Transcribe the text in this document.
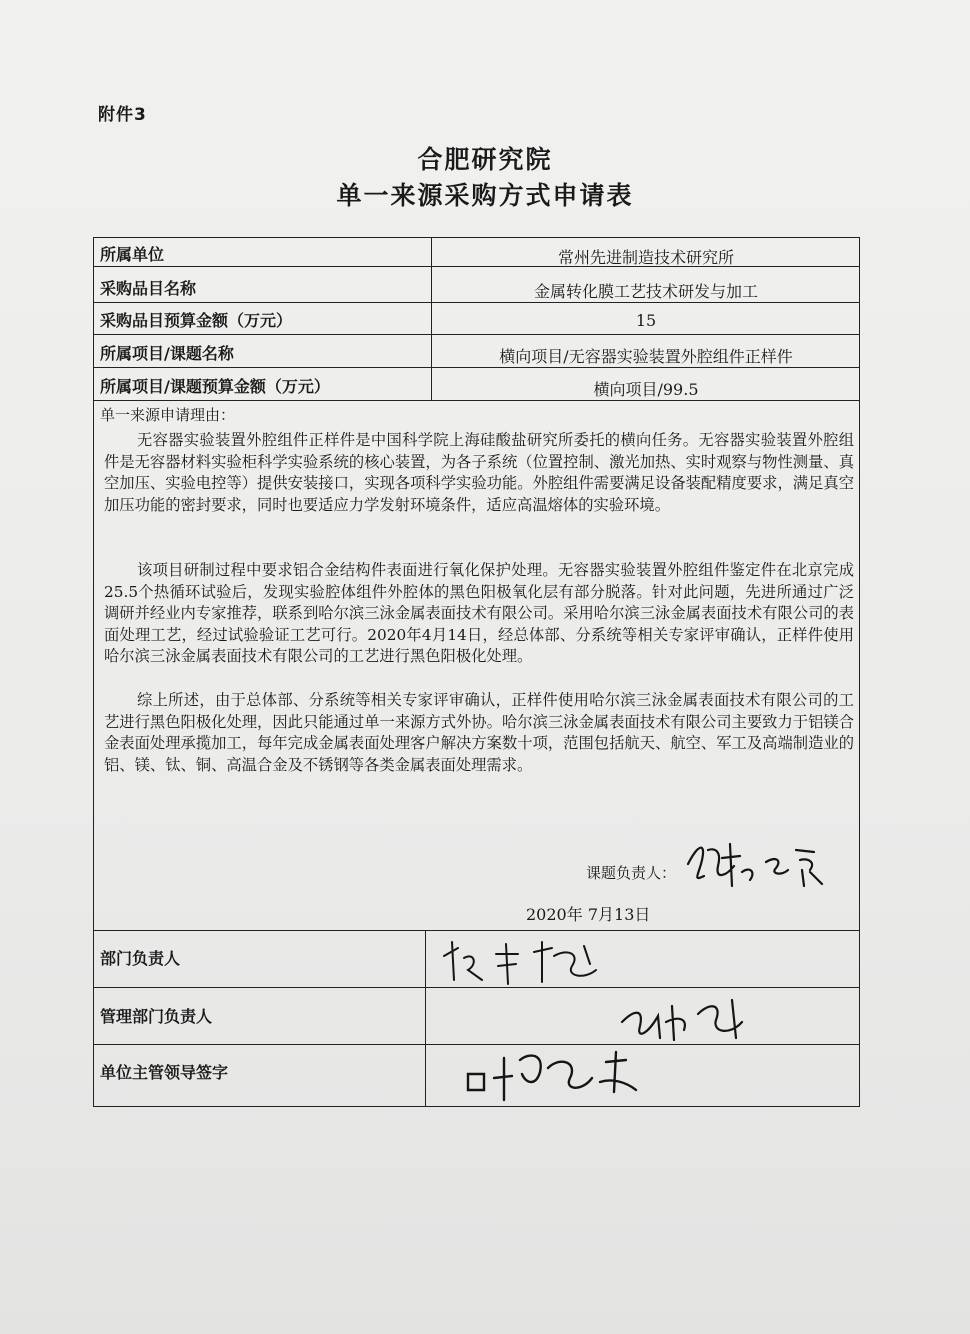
附件3
合肥研究院
单一来源采购方式申请表
所属单位	常州先进制造技术研究所
采购品目名称	金属转化膜工艺技术研发与加工
采购品目预算金额（万元）	15
所属项目/课题名称	横向项目/无容器实验装置外腔组件正样件
所属项目/课题预算金额（万元）	横向项目/99.5
单一来源申请理由：

无容器实验装置外腔组件正样件是中国科学院上海硅酸盐研究所委托的横向任务。无容器实验装置外腔组件是无容器材料实验柜科学实验系统的核心装置，为各子系统（位置控制、激光加热、实时观察与物性测量、真空加压、实验电控等）提供安装接口，实现各项科学实验功能。外腔组件需要满足设备装配精度要求，满足真空加压功能的密封要求，同时也要适应力学发射环境条件，适应高温熔体的实验环境。

该项目研制过程中要求铝合金结构件表面进行氧化保护处理。无容器实验装置外腔组件鉴定件在北京完成25.5个热循环试验后，发现实验腔体组件外腔体的黑色阳极氧化层有部分脱落。针对此问题，先进所通过广泛调研并经业内专家推荐，联系到哈尔滨三泳金属表面技术有限公司。采用哈尔滨三泳金属表面技术有限公司的表面处理工艺，经过试验验证工艺可行。2020年4月14日，经总体部、分系统等相关专家评审确认，正样件使用哈尔滨三泳金属表面技术有限公司的工艺进行黑色阳极化处理。

综上所述，由于总体部、分系统等相关专家评审确认，正样件使用哈尔滨三泳金属表面技术有限公司的工艺进行黑色阳极化处理，因此只能通过单一来源方式外协。哈尔滨三泳金属表面技术有限公司主要致力于铝镁合金表面处理承揽加工，每年完成金属表面处理客户解决方案数十项，范围包括航天、航空、军工及高端制造业的铝、镁、钛、铜、高温合金及不锈钢等各类金属表面处理需求。

课题负责人：
2020年 7月13日
部门负责人
管理部门负责人
单位主管领导签字
